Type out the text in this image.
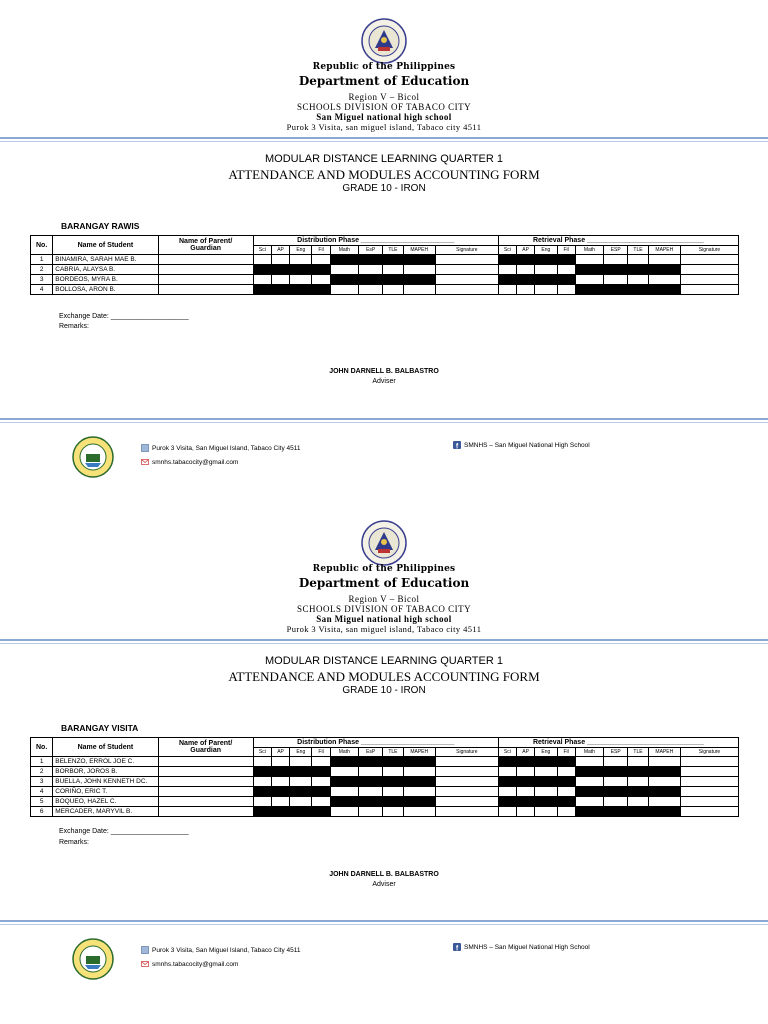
Republic of the Philippines
Department of Education
Region V – Bicol
SCHOOLS DIVISION OF TABACO CITY
San Miguel national high school
Purok 3 Visita, san miguel island, Tabaco city 4511
MODULAR DISTANCE LEARNING QUARTER 1
ATTENDANCE AND MODULES ACCOUNTING FORM
GRADE 10 - IRON
BARANGAY RAWIS
No.	Name of Student	Name of Parent/
Guardian	Distribution Phase ________________________									Retrieval Phase ______________________________								
			Sci	AP	Eng	Fil	Math	EsP	TLE	MAPEH	Signature	Sci	AP	Eng	Fil	Math	ESP	TLE	MAPEH	Signature
1	BINAMIRA, SARAH MAE B.																			
2	CABRIA, ALAYSA B.																			
3	BORDEOS, MYRA B.																			
4	BOLLOSA, ARON B.																			
Exchange Date: ____________________
Remarks:
JOHN DARNELL B. BALBASTRO
Adviser
Purok 3 Visita, San Miguel Island, Tabaco City 4511
smnhs.tabacocity@gmail.com
SMNHS – San Miguel National High School
Republic of the Philippines
Department of Education
Region V – Bicol
SCHOOLS DIVISION OF TABACO CITY
San Miguel national high school
Purok 3 Visita, san miguel island, Tabaco city 4511
MODULAR DISTANCE LEARNING QUARTER 1
ATTENDANCE AND MODULES ACCOUNTING FORM
GRADE 10 - IRON
BARANGAY VISITA
No.	Name of Student	Name of Parent/
Guardian	Distribution Phase ________________________									Retrieval Phase ______________________________								
			Sci	AP	Eng	Fil	Math	EsP	TLE	MAPEH	Signature	Sci	AP	Eng	Fil	Math	ESP	TLE	MAPEH	Signature
1	BELENZO, ERROL JOE C.																			
2	BORBOR, JOROS B.																			
3	BUELLA, JOHN KENNETH DC.																			
4	CORIÑO, ERIC T.																			
5	BOQUEO, HAZEL C.																			
6	MERCADER, MARYVIL B.																			
Exchange Date: ____________________
Remarks:
JOHN DARNELL B. BALBASTRO
Adviser
Purok 3 Visita, San Miguel Island, Tabaco City 4511
smnhs.tabacocity@gmail.com
SMNHS – San Miguel National High School
